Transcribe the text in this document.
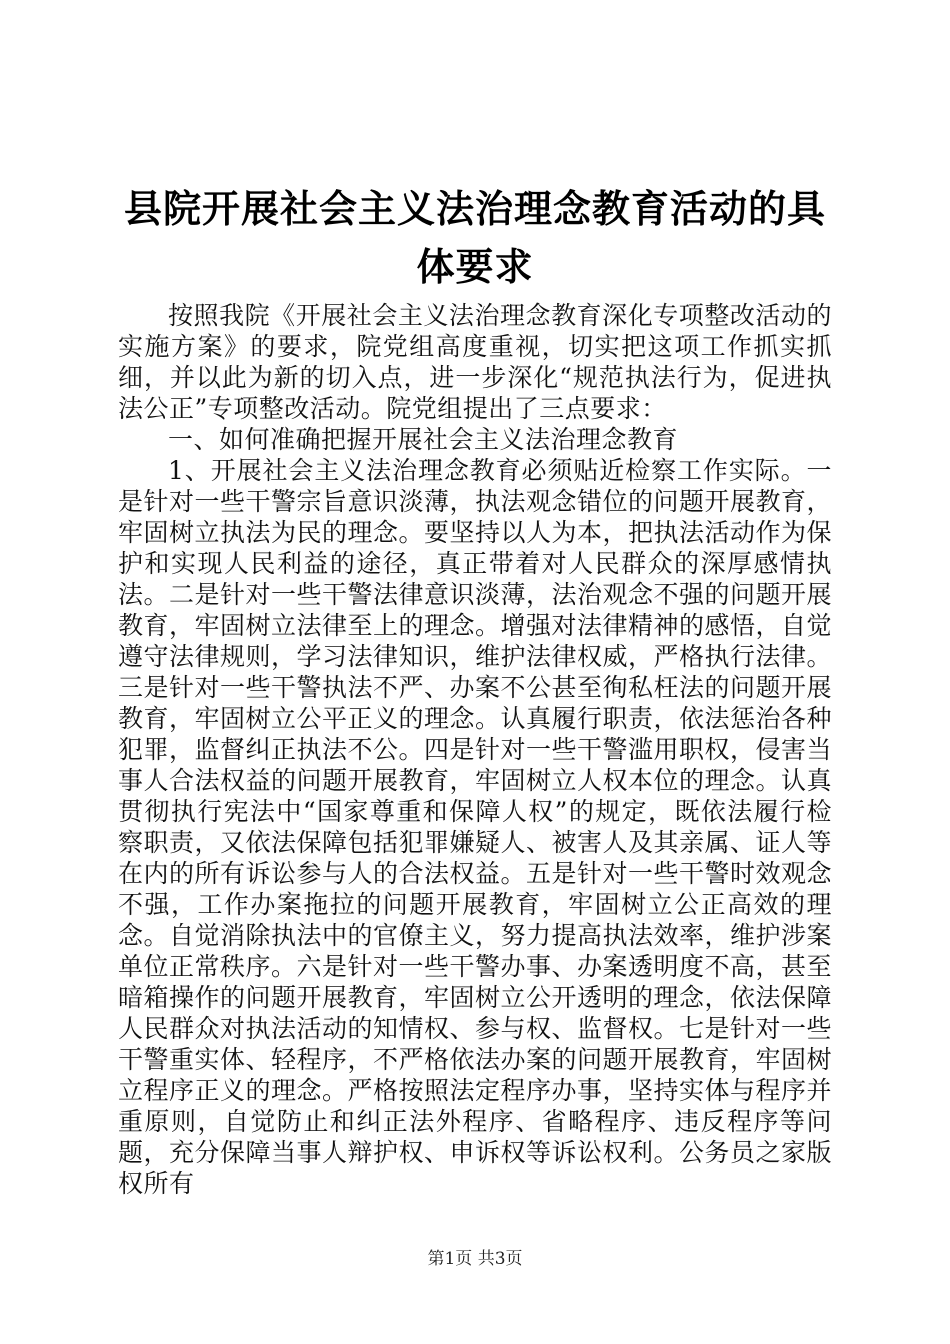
县院开展社会主义法治理念教育活动的具体要求

按照我院《开展社会主义法治理念教育深化专项整改活动的实施方案》的要求，院党组高度重视，切实把这项工作抓实抓细，并以此为新的切入点，进一步深化“规范执法行为，促进执法公正”专项整改活动。院党组提出了三点要求：

一、如何准确把握开展社会主义法治理念教育

1、开展社会主义法治理念教育必须贴近检察工作实际。一是针对一些干警宗旨意识淡薄，执法观念错位的问题开展教育，牢固树立执法为民的理念。要坚持以人为本，把执法活动作为保护和实现人民利益的途径，真正带着对人民群众的深厚感情执法。二是针对一些干警法律意识淡薄，法治观念不强的问题开展教育，牢固树立法律至上的理念。增强对法律精神的感悟，自觉遵守法律规则，学习法律知识，维护法律权威，严格执行法律。三是针对一些干警执法不严、办案不公甚至徇私枉法的问题开展教育，牢固树立公平正义的理念。认真履行职责，依法惩治各种犯罪，监督纠正执法不公。四是针对一些干警滥用职权，侵害当事人合法权益的问题开展教育，牢固树立人权本位的理念。认真贯彻执行宪法中“国家尊重和保障人权”的规定，既依法履行检察职责，又依法保障包括犯罪嫌疑人、被害人及其亲属、证人等在内的所有诉讼参与人的合法权益。五是针对一些干警时效观念不强，工作办案拖拉的问题开展教育，牢固树立公正高效的理念。自觉消除执法中的官僚主义，努力提高执法效率，维护涉案单位正常秩序。六是针对一些干警办事、办案透明度不高，甚至暗箱操作的问题开展教育，牢固树立公开透明的理念，依法保障人民群众对执法活动的知情权、参与权、监督权。七是针对一些干警重实体、轻程序，不严格依法办案的问题开展教育，牢固树立程序正义的理念。严格按照法定程序办事，坚持实体与程序并重原则，自觉防止和纠正法外程序、省略程序、违反程序等问题，充分保障当事人辩护权、申诉权等诉讼权利。公务员之家版权所有

第1页 共3页
